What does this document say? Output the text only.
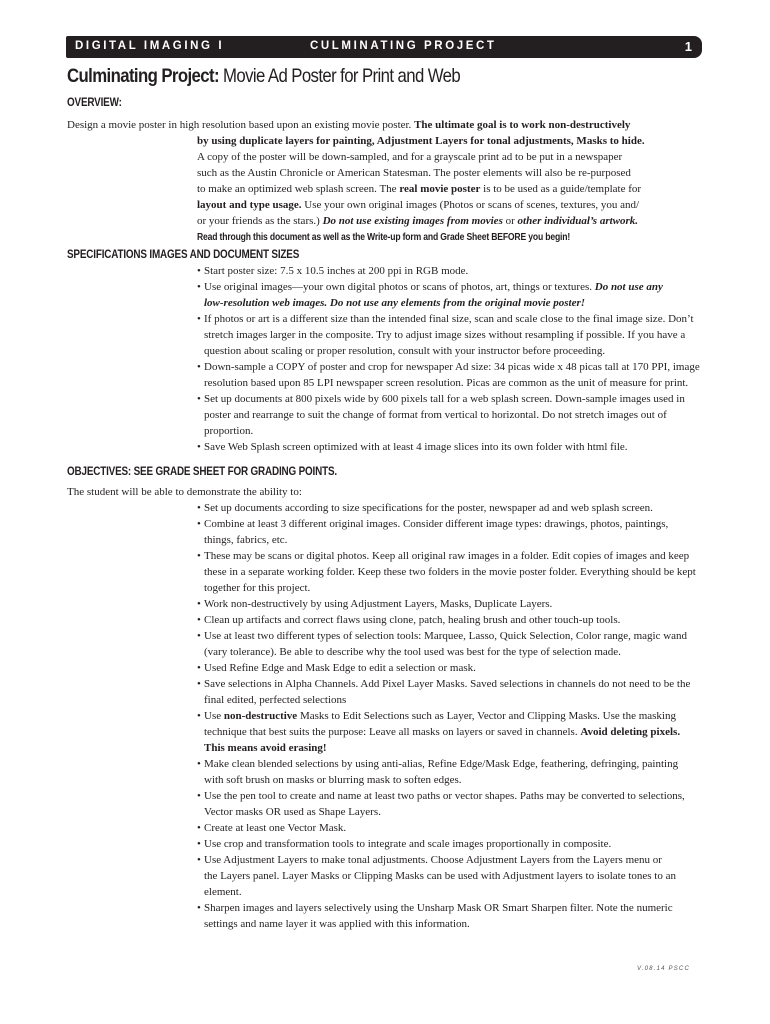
DIGITAL IMAGING I	CULMINATING PROJECT	1
Culminating Project: Movie Ad Poster for Print and Web
OVERVIEW:
Design a movie poster in high resolution based upon an existing movie poster. The ultimate goal is to work non-destructively
by using duplicate layers for painting, Adjustment Layers for tonal adjustments, Masks to hide.
A copy of the poster will be down-sampled, and for a grayscale print ad to be put in a newspaper
such as the Austin Chronicle or American Statesman. The poster elements will also be re-purposed
to make an optimized web splash screen. The real movie poster is to be used as a guide/template for
layout and type usage. Use your own original images (Photos or scans of scenes, textures, you and/
or your friends as the stars.) Do not use existing images from movies or other individual’s artwork.
Read through this document as well as the Write-up form and Grade Sheet BEFORE you begin!
SPECIFICATIONS IMAGES AND DOCUMENT SIZES
• Start poster size: 7.5 x 10.5 inches at 200 ppi in RGB mode.
• Use original images—your own digital photos or scans of photos, art, things or textures. Do not use any
low-resolution web images. Do not use any elements from the original movie poster!
• If photos or art is a different size than the intended final size, scan and scale close to the final image size. Don’t
stretch images larger in the composite. Try to adjust image sizes without resampling if possible. If you have a
question about scaling or proper resolution, consult with your instructor before proceeding.
• Down-sample a COPY of poster and crop for newspaper Ad size: 34 picas wide x 48 picas tall at 170 PPI, image
resolution based upon 85 LPI newspaper screen resolution. Picas are common as the unit of measure for print.
• Set up documents at 800 pixels wide by 600 pixels tall for a web splash screen. Down-sample images used in
poster and rearrange to suit the change of format from vertical to horizontal. Do not stretch images out of
proportion.
• Save Web Splash screen optimized with at least 4 image slices into its own folder with html file.
OBJECTIVES: SEE GRADE SHEET FOR GRADING POINTS.
The student will be able to demonstrate the ability to:
• Set up documents according to size specifications for the poster, newspaper ad and web splash screen.
• Combine at least 3 different original images. Consider different image types: drawings, photos, paintings,
things, fabrics, etc.
• These may be scans or digital photos. Keep all original raw images in a folder. Edit copies of images and keep
these in a separate working folder. Keep these two folders in the movie poster folder. Everything should be kept
together for this project.
• Work non-destructively by using Adjustment Layers, Masks, Duplicate Layers.
• Clean up artifacts and correct flaws using clone, patch, healing brush and other touch-up tools.
• Use at least two different types of selection tools: Marquee, Lasso, Quick Selection, Color range, magic wand
(vary tolerance). Be able to describe why the tool used was best for the type of selection made.
• Used Refine Edge and Mask Edge to edit a selection or mask.
• Save selections in Alpha Channels. Add Pixel Layer Masks. Saved selections in channels do not need to be the
final edited, perfected selections
• Use non-destructive Masks to Edit Selections such as Layer, Vector and Clipping Masks. Use the masking
technique that best suits the purpose: Leave all masks on layers or saved in channels. Avoid deleting pixels.
This means avoid erasing!
• Make clean blended selections by using anti-alias, Refine Edge/Mask Edge, feathering, defringing, painting
with soft brush on masks or blurring mask to soften edges.
• Use the pen tool to create and name at least two paths or vector shapes. Paths may be converted to selections,
Vector masks OR used as Shape Layers.
• Create at least one Vector Mask.
• Use crop and transformation tools to integrate and scale images proportionally in composite.
• Use Adjustment Layers to make tonal adjustments. Choose Adjustment Layers from the Layers menu or
the Layers panel. Layer Masks or Clipping Masks can be used with Adjustment layers to isolate tones to an
element.
• Sharpen images and layers selectively using the Unsharp Mask OR Smart Sharpen filter. Note the numeric
settings and name layer it was applied with this information.
V.08.14 PSCC
